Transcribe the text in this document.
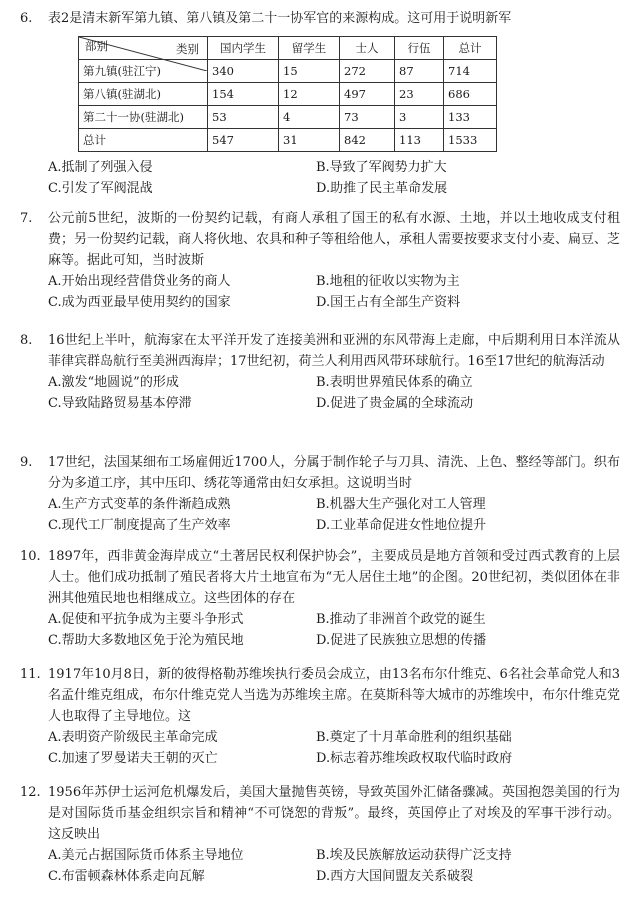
6.	表2是清末新军第九镇、第八镇及第二十一协军官的来源构成。这可用于说明新军
类别
部别	国内学生	留学生	士人	行伍	总计
第九镇(驻江宁)	340	15	272	87	714
第八镇(驻湖北)	154	12	497	23	686
第二十一协(驻湖北)	53	4	73	3	133
总计	547	31	842	113	1533
A.抵制了列强入侵	B.导致了军阀势力扩大
C.引发了军阀混战	D.助推了民主革命发展
7.	公元前5世纪，波斯的一份契约记载，有商人承租了国王的私有水源、土地，并以土地收成支付租费；另一份契约记载，商人将伙地、农具和种子等租给他人，承租人需要按要求支付小麦、扁豆、芝麻等。据此可知，当时波斯
A.开始出现经营借贷业务的商人	B.地租的征收以实物为主
C.成为西亚最早使用契约的国家	D.国王占有全部生产资料
8.	16世纪上半叶，航海家在太平洋开发了连接美洲和亚洲的东风带海上走廊，中后期利用日本洋流从菲律宾群岛航行至美洲西海岸；17世纪初，荷兰人利用西风带环球航行。16至17世纪的航海活动
A.激发“地圆说”的形成	B.表明世界殖民体系的确立
C.导致陆路贸易基本停滞	D.促进了贵金属的全球流动
9.	17世纪，法国某细布工场雇佣近1700人，分属于制作轮子与刀具、清洗、上色、整经等部门。织布分为多道工序，其中压印、绣花等通常由妇女承担。这说明当时
A.生产方式变革的条件渐趋成熟	B.机器大生产强化对工人管理
C.现代工厂制度提高了生产效率	D.工业革命促进女性地位提升
10. 1897年，西非黄金海岸成立“土著居民权利保护协会”，主要成员是地方首领和受过西式教育的上层人士。他们成功抵制了殖民者将大片土地宣布为“无人居住土地”的企图。20世纪初，类似团体在非洲其他殖民地也相继成立。这些团体的存在
A.促使和平抗争成为主要斗争形式	B.推动了非洲首个政党的诞生
C.帮助大多数地区免于沦为殖民地	D.促进了民族独立思想的传播
11. 1917年10月8日，新的彼得格勒苏维埃执行委员会成立，由13名布尔什维克、6名社会革命党人和3名孟什维克组成，布尔什维克党人当选为苏维埃主席。在莫斯科等大城市的苏维埃中，布尔什维克党人也取得了主导地位。这
A.表明资产阶级民主革命完成	B.奠定了十月革命胜利的组织基础
C.加速了罗曼诺夫王朝的灭亡	D.标志着苏维埃政权取代临时政府
12. 1956年苏伊士运河危机爆发后，美国大量抛售英镑，导致英国外汇储备骤减。英国抱怨美国的行为是对国际货币基金组织宗旨和精神“不可饶恕的背叛”。最终，英国停止了对埃及的军事干涉行动。这反映出
A.美元占据国际货币体系主导地位	B.埃及民族解放运动获得广泛支持
C.布雷顿森林体系走向瓦解	D.西方大国间盟友关系破裂
